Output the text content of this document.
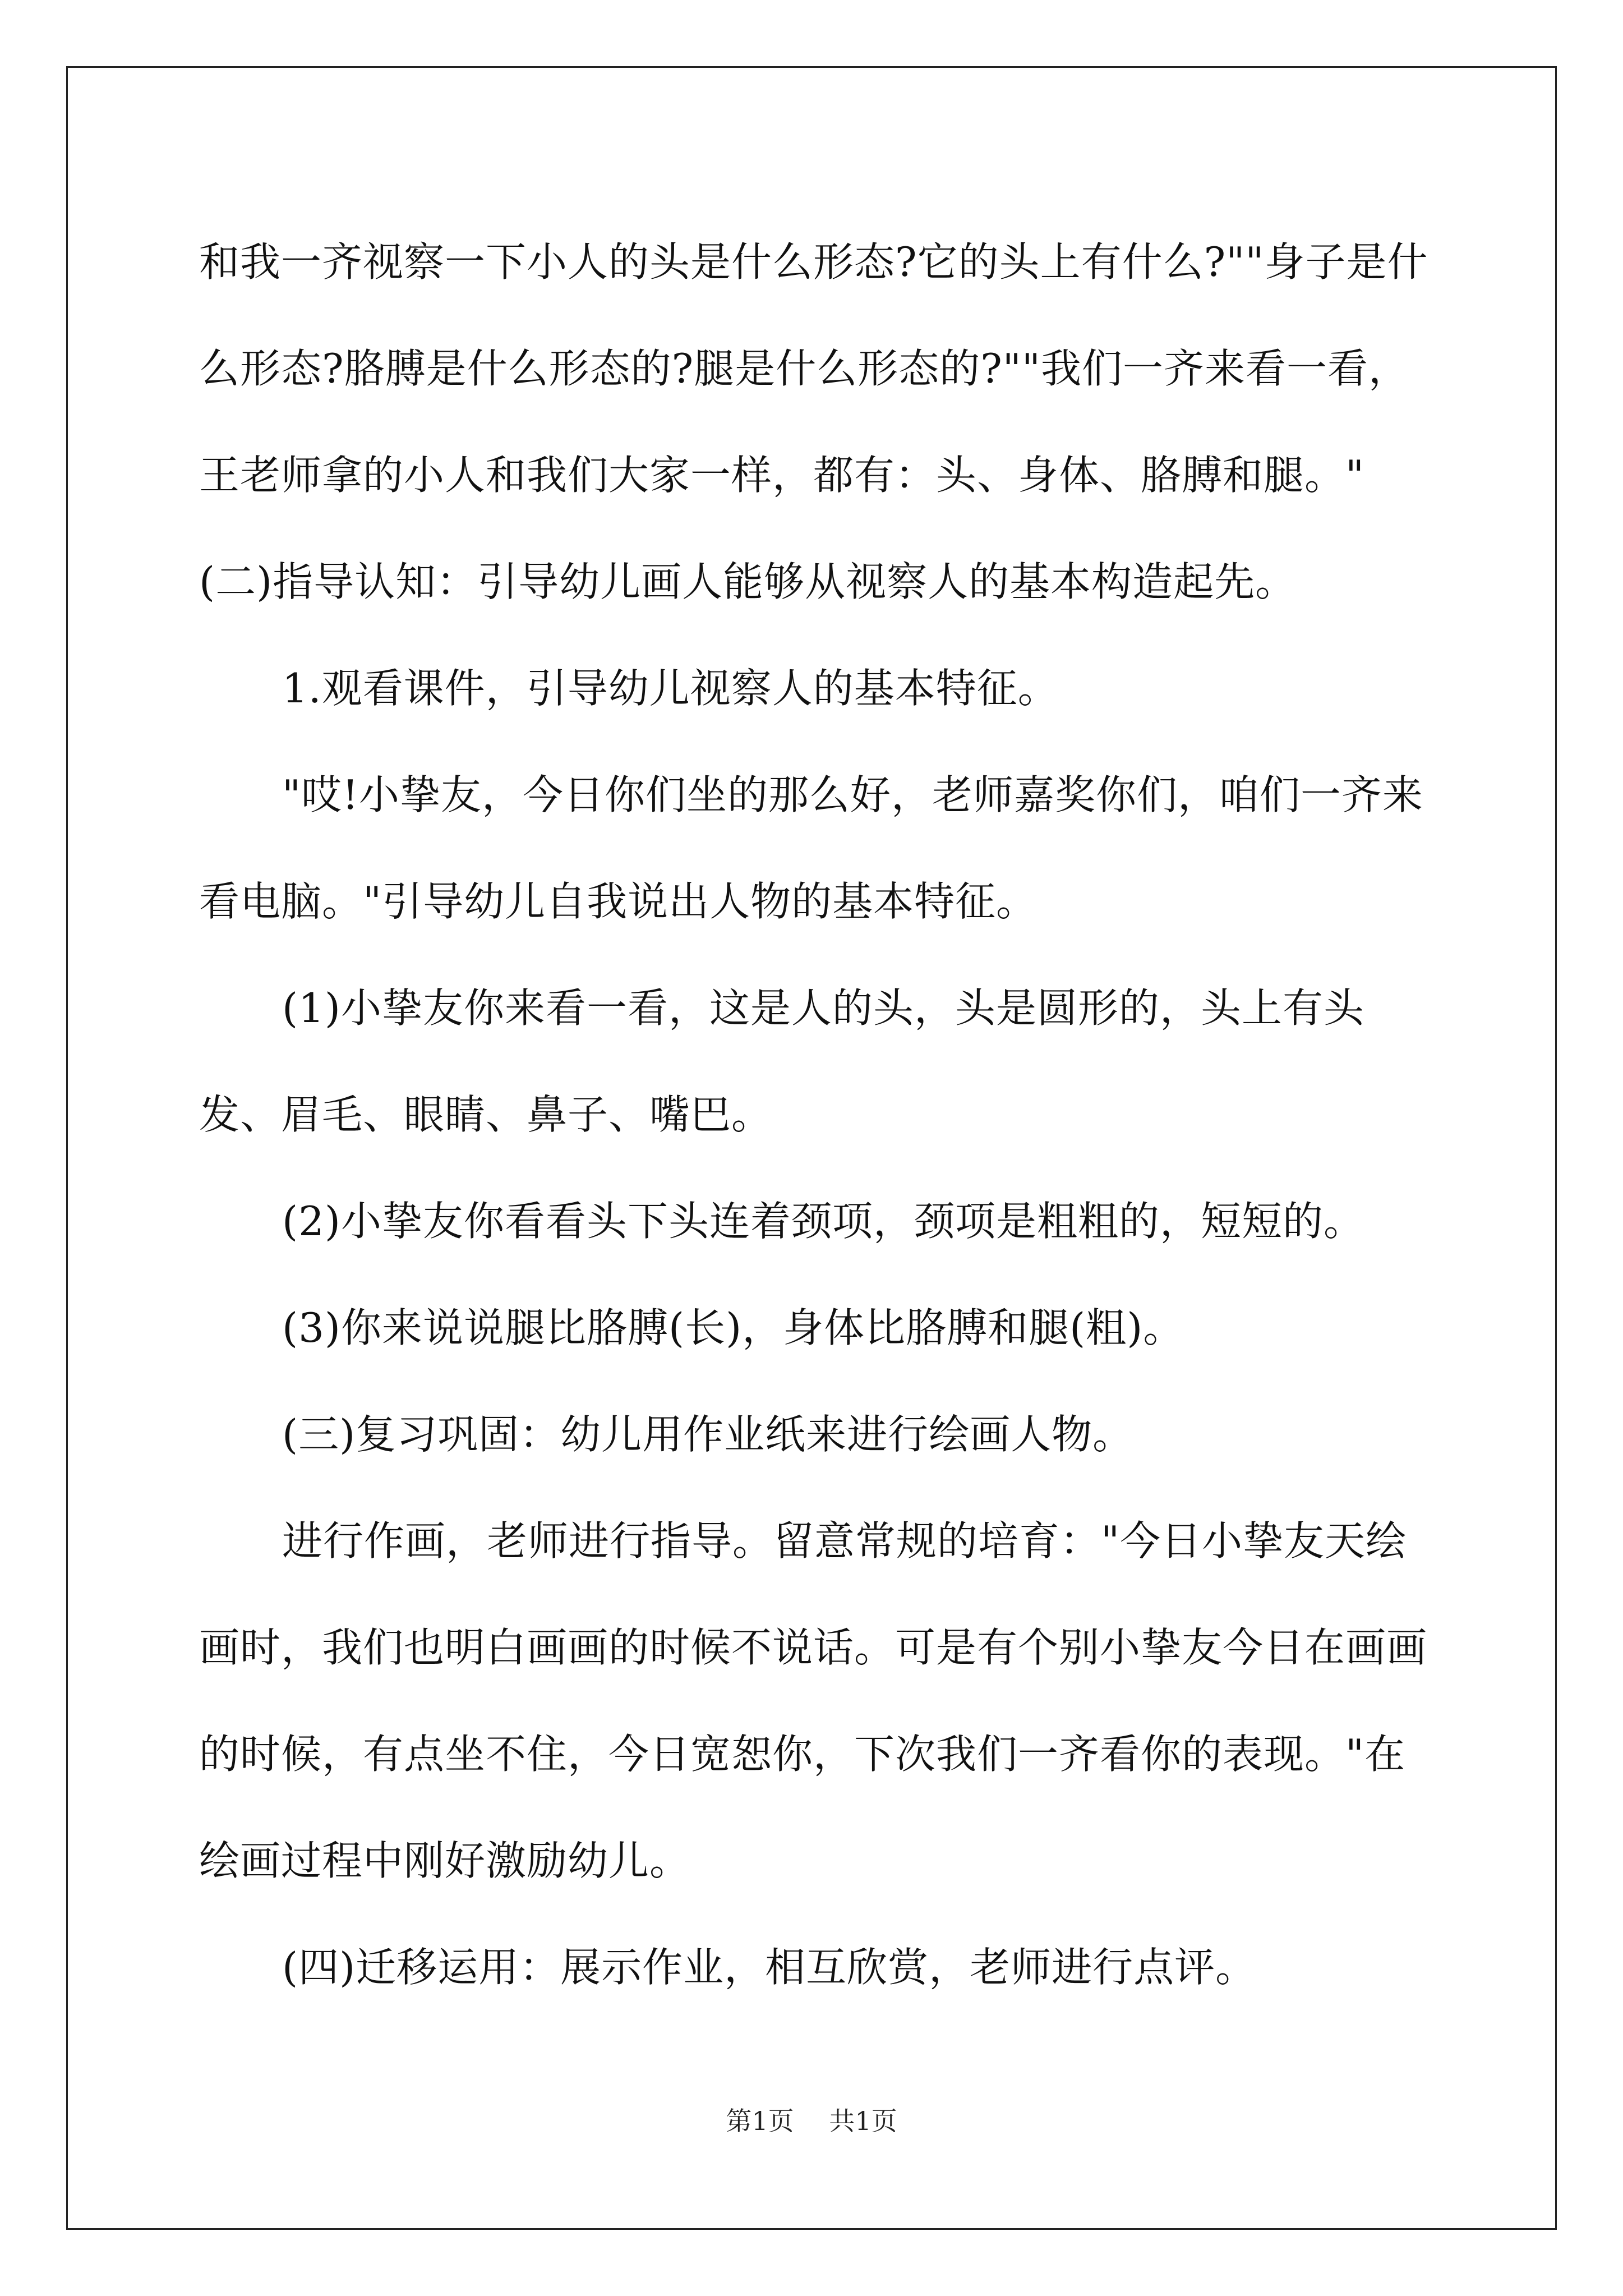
和我一齐视察一下小人的头是什么形态?它的头上有什么?""身子是什么形态?胳膊是什么形态的?腿是什么形态的?""我们一齐来看一看，王老师拿的小人和我们大家一样，都有：头、身体、胳膊和腿。"(二)指导认知：引导幼儿画人能够从视察人的基本构造起先。

1.观看课件，引导幼儿视察人的基本特征。

"哎!小挚友，今日你们坐的那么好，老师嘉奖你们，咱们一齐来看电脑。"引导幼儿自我说出人物的基本特征。

(1)小挚友你来看一看，这是人的头，头是圆形的，头上有头发、眉毛、眼睛、鼻子、嘴巴。

(2)小挚友你看看头下头连着颈项，颈项是粗粗的，短短的。

(3)你来说说腿比胳膊(长)，身体比胳膊和腿(粗)。

(三)复习巩固：幼儿用作业纸来进行绘画人物。

进行作画，老师进行指导。留意常规的培育："今日小挚友天绘画时，我们也明白画画的时候不说话。可是有个别小挚友今日在画画的时候，有点坐不住，今日宽恕你，下次我们一齐看你的表现。"在绘画过程中刚好激励幼儿。

(四)迁移运用：展示作业，相互欣赏，老师进行点评。

第1页 共1页
